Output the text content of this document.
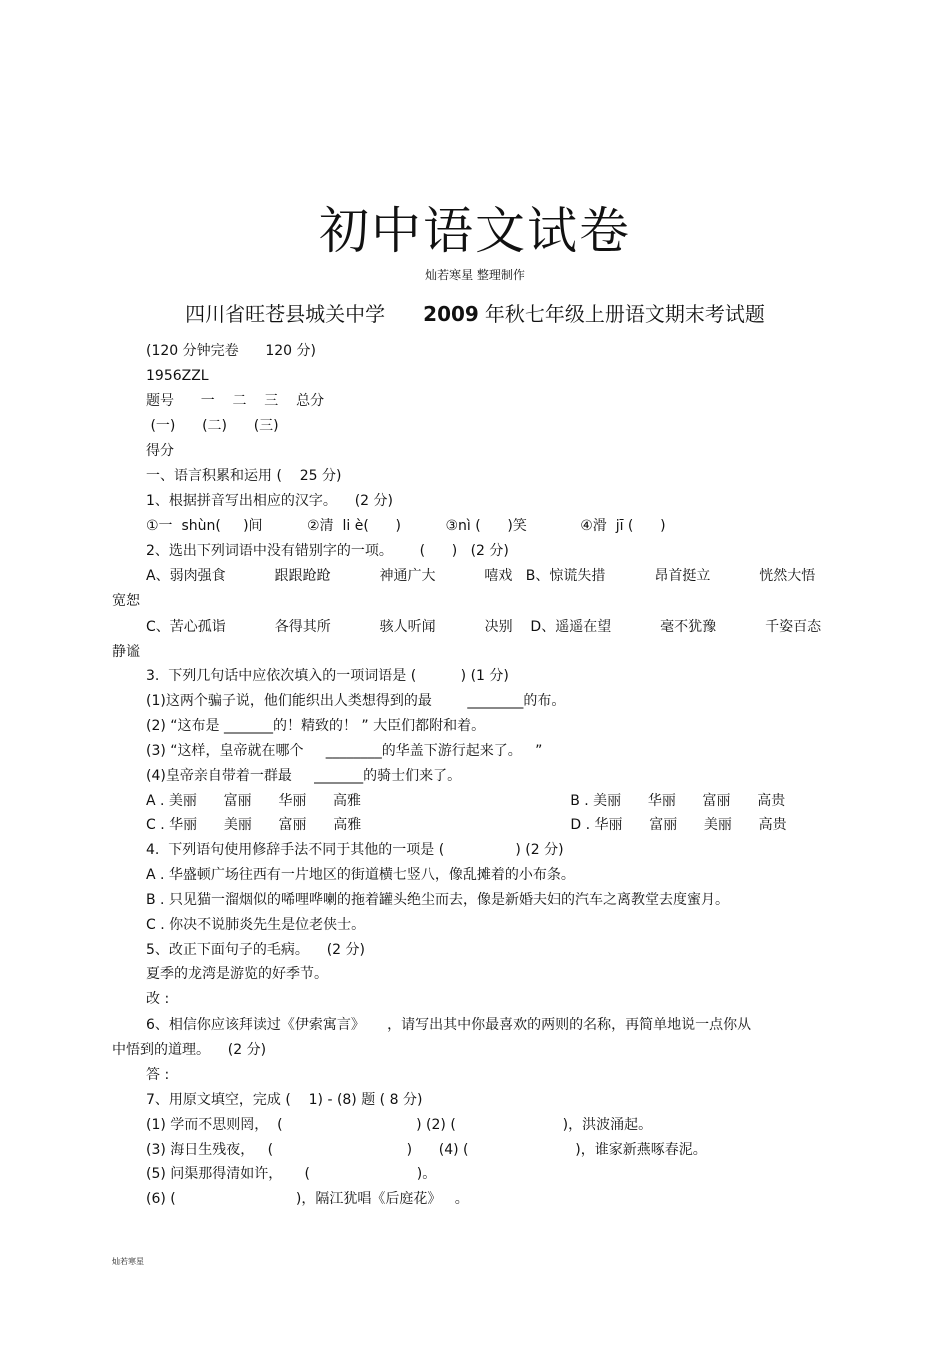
初中语文试卷
灿若寒星 整理制作
四川省旺苍县城关中学 2009 年秋七年级上册语文期末考试题
(120 分钟完卷      120 分)
1956ZZL
题号      一    二    三    总分
(一)      (二)      (三)
得分
一、语言积累和运用 (    25 分)
1、根据拼音写出相应的汉字。    (2 分)
①一  shùn(     )间          ②清  li è(      )          ③nì (      )笑            ④滑  jī (      )
2、选出下列词语中没有错别字的一项。      (      )   (2 分)
A、弱肉强食           跟跟跄跄           神通广大           嘻戏   B、惊谎失措           昂首挺立           恍然大悟
宽恕
C、苦心孤诣           各得其所           骇人听闻           决别    D、遥遥在望           毫不犹豫           千姿百态
静谧
3.  下列几句话中应依次填入的一项词语是 (          ) (1 分)
(1)这两个骗子说，他们能织出人类想得到的最        ________的布。
(2) “这布是 _______的！精致的！ ” 大臣们都附和着。
(3) “这样，皇帝就在哪个     ________的华盖下游行起来了。   ”
(4)皇帝亲自带着一群最     _______的骑士们来了。
A . 美丽      富丽      华丽      高雅                                               B . 美丽      华丽      富丽      高贵
C . 华丽      美丽      富丽      高雅                                               D . 华丽      富丽      美丽      高贵
4.  下列语句使用修辞手法不同于其他的一项是 (                ) (2 分)
A . 华盛顿广场往西有一片地区的街道横七竖八，像乱摊着的小布条。
B . 只见猫一溜烟似的唏哩哗喇的拖着罐头绝尘而去，像是新婚夫妇的汽车之离教堂去度蜜月。
C . 你决不说肺炎先生是位老侠士。
5、改正下面句子的毛病。    (2 分)
夏季的龙湾是游览的好季节。
改 :
6、相信你应该拜读过《伊索寓言》     ，请写出其中你最喜欢的两则的名称，再简单地说一点你从
中悟到的道理。    (2 分)
答 :
7、用原文填空，完成 (    1) - (8) 题 ( 8 分)
(1) 学而不思则罔，  (                              ) (2) (                        )，洪波涌起。
(3) 海日生残夜，   (                              )      (4) (                        )，谁家新燕啄春泥。
(5) 问渠那得清如许，     (                        )。
(6) (                           )，隔江犹唱《后庭花》   。
灿若寒星
